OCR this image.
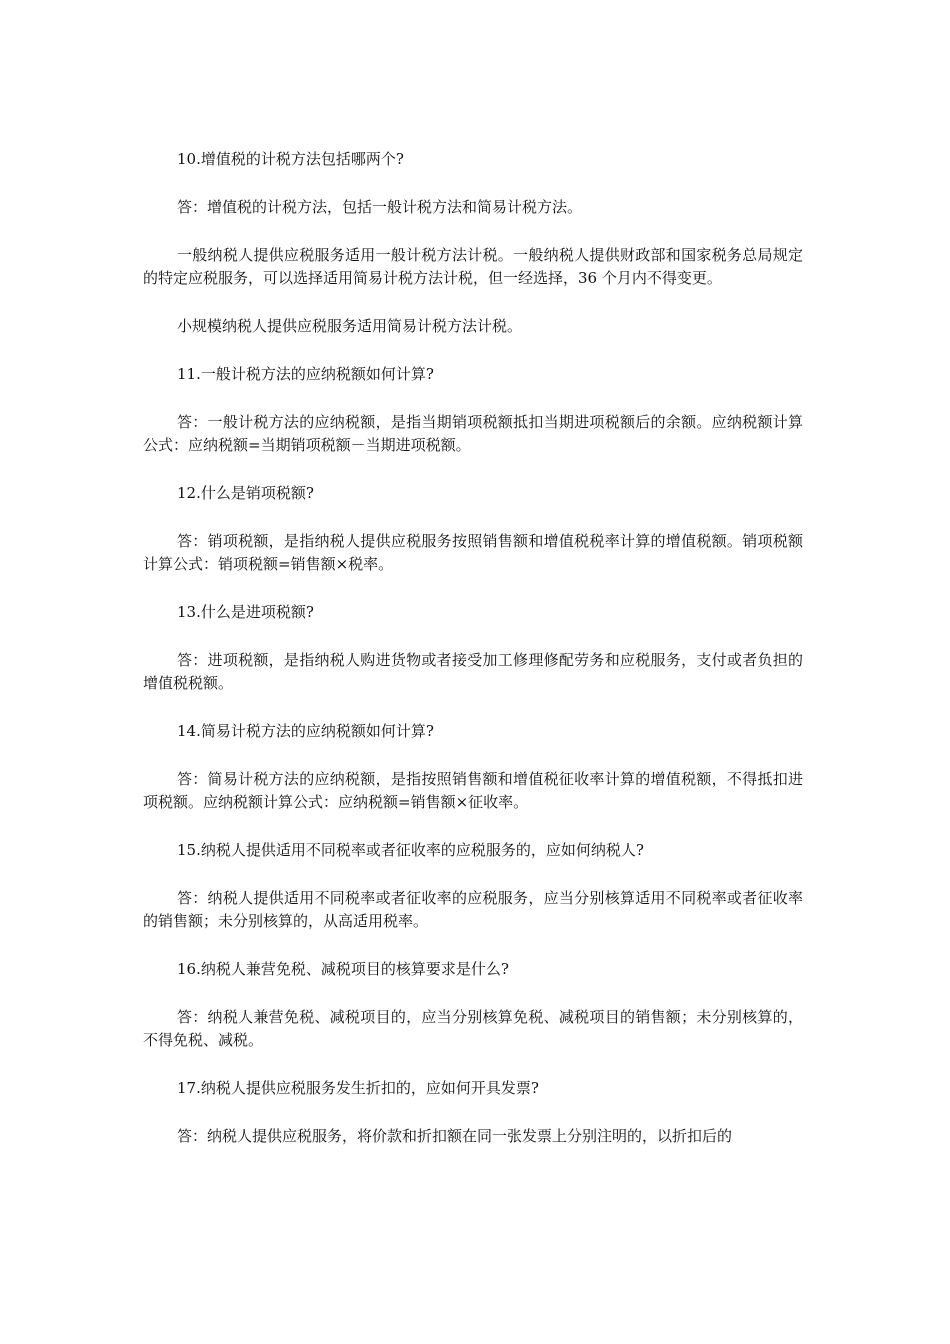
10.增值税的计税方法包括哪两个?

答：增值税的计税方法，包括一般计税方法和简易计税方法。

一般纳税人提供应税服务适用一般计税方法计税。一般纳税人提供财政部和国家税务总局规定的特定应税服务，可以选择适用简易计税方法计税，但一经选择，36 个月内不得变更。

小规模纳税人提供应税服务适用简易计税方法计税。

11.一般计税方法的应纳税额如何计算?

答：一般计税方法的应纳税额，是指当期销项税额抵扣当期进项税额后的余额。应纳税额计算公式：应纳税额=当期销项税额－当期进项税额。

12.什么是销项税额?

答：销项税额，是指纳税人提供应税服务按照销售额和增值税税率计算的增值税额。销项税额计算公式：销项税额=销售额×税率。

13.什么是进项税额?

答：进项税额，是指纳税人购进货物或者接受加工修理修配劳务和应税服务，支付或者负担的增值税税额。

14.简易计税方法的应纳税额如何计算?

答：简易计税方法的应纳税额，是指按照销售额和增值税征收率计算的增值税额，不得抵扣进项税额。应纳税额计算公式：应纳税额=销售额×征收率。

15.纳税人提供适用不同税率或者征收率的应税服务的，应如何纳税人?

答：纳税人提供适用不同税率或者征收率的应税服务，应当分别核算适用不同税率或者征收率的销售额；未分别核算的，从高适用税率。

16.纳税人兼营免税、减税项目的核算要求是什么?

答：纳税人兼营免税、减税项目的，应当分别核算免税、减税项目的销售额；未分别核算的，不得免税、减税。

17.纳税人提供应税服务发生折扣的，应如何开具发票?

答：纳税人提供应税服务，将价款和折扣额在同一张发票上分别注明的，以折扣后的
